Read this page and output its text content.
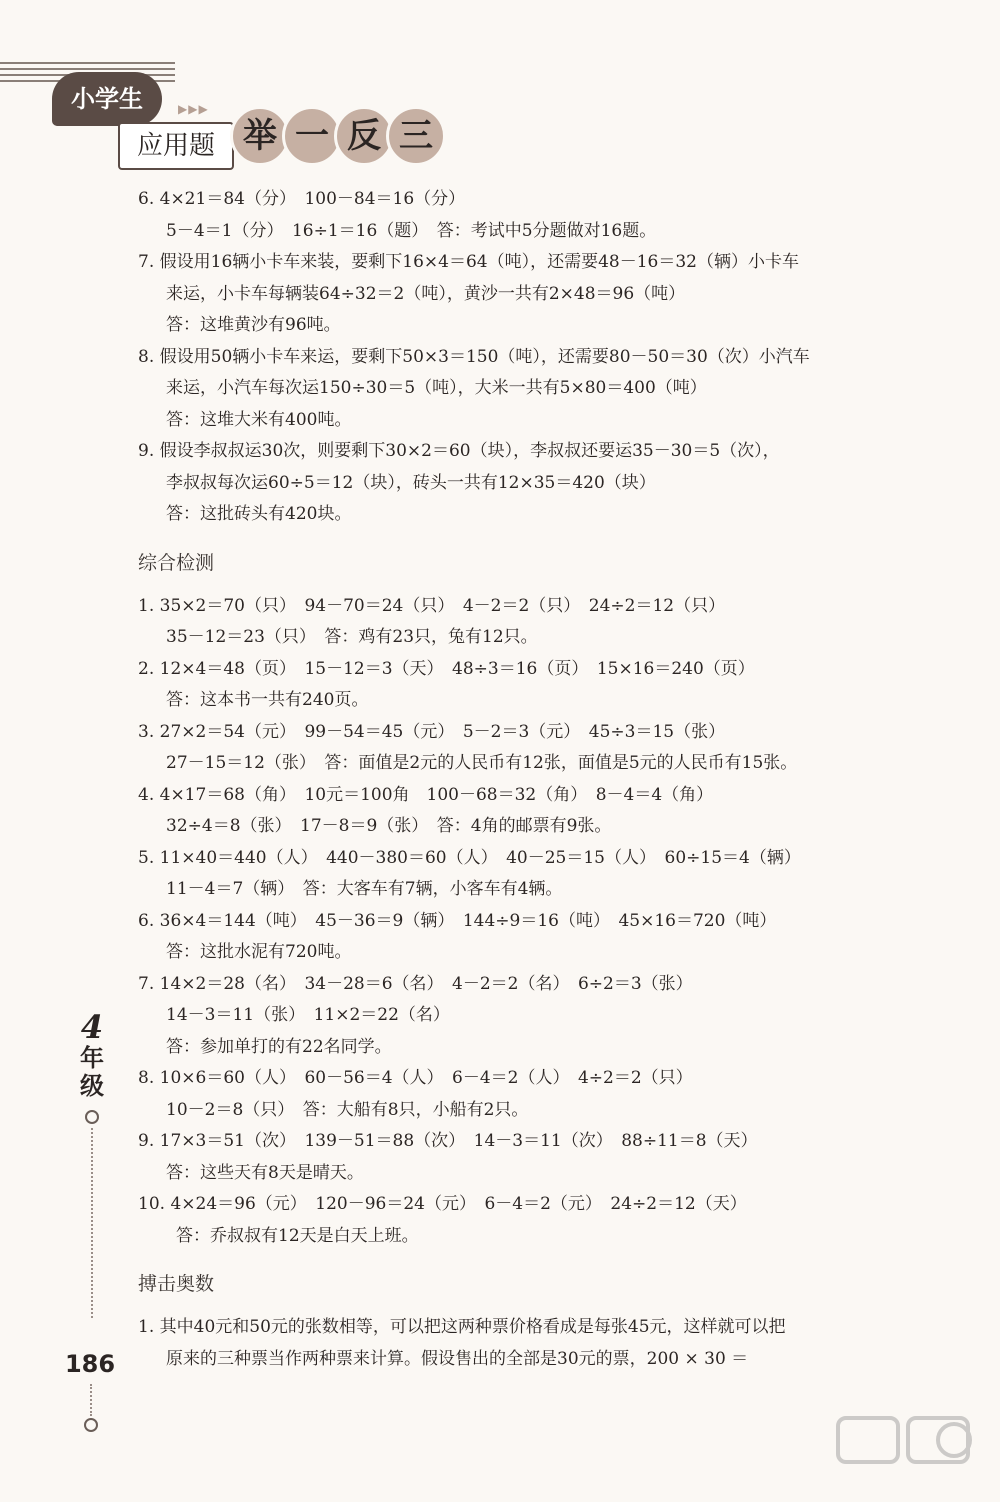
小学生	▶▶▶
应用题 举 一 反 三
6. 4×21＝84（分）　100－84＝16（分）
5－4＝1（分）　16÷1＝16（题）　答：考试中5分题做对16题。
7. 假设用16辆小卡车来装，要剩下16×4＝64（吨），还需要48－16＝32（辆）小卡车
来运，小卡车每辆装64÷32＝2（吨），黄沙一共有2×48＝96（吨）
答：这堆黄沙有96吨。
8. 假设用50辆小卡车来运，要剩下50×3＝150（吨），还需要80－50＝30（次）小汽车
来运，小汽车每次运150÷30＝5（吨），大米一共有5×80＝400（吨）
答：这堆大米有400吨。
9. 假设李叔叔运30次，则要剩下30×2＝60（块），李叔叔还要运35－30＝5（次），
李叔叔每次运60÷5＝12（块），砖头一共有12×35＝420（块）
答：这批砖头有420块。
综合检测
1. 35×2＝70（只）　94－70＝24（只）　4－2＝2（只）　24÷2＝12（只）
35－12＝23（只）　答：鸡有23只，兔有12只。
2. 12×4＝48（页）　15－12＝3（天）　48÷3＝16（页）　15×16＝240（页）
答：这本书一共有240页。
3. 27×2＝54（元）　99－54＝45（元）　5－2＝3（元）　45÷3＝15（张）
27－15＝12（张）　答：面值是2元的人民币有12张，面值是5元的人民币有15张。
4. 4×17＝68（角）　10元＝100角　100－68＝32（角）　8－4＝4（角）
32÷4＝8（张）　17－8＝9（张）　答：4角的邮票有9张。
5. 11×40＝440（人）　440－380＝60（人）　40－25＝15（人）　60÷15＝4（辆）
11－4＝7（辆）　答：大客车有7辆，小客车有4辆。
6. 36×4＝144（吨）　45－36＝9（辆）　144÷9＝16（吨）　45×16＝720（吨）
答：这批水泥有720吨。
7. 14×2＝28（名）　34－28＝6（名）　4－2＝2（名）　6÷2＝3（张）
14－3＝11（张）　11×2＝22（名）
答：参加单打的有22名同学。
8. 10×6＝60（人）　60－56＝4（人）　6－4＝2（人）　4÷2＝2（只）
10－2＝8（只）　答：大船有8只，小船有2只。
9. 17×3＝51（次）　139－51＝88（次）　14－3＝11（次）　88÷11＝8（天）
答：这些天有8天是晴天。
10. 4×24＝96（元）　120－96＝24（元）　6－4＝2（元）　24÷2＝12（天）
答：乔叔叔有12天是白天上班。
搏击奥数
1. 其中40元和50元的张数相等，可以把这两种票价格看成是每张45元，这样就可以把
原来的三种票当作两种票来计算。假设售出的全部是30元的票，200 × 30 ＝
4
年
级
186
